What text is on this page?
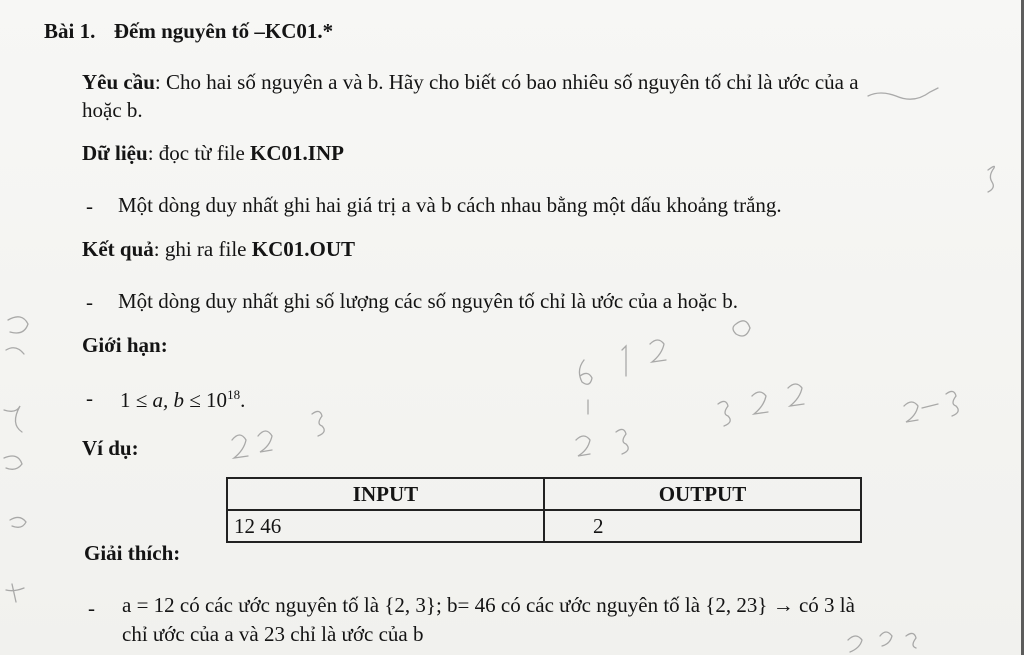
Bài 1. Đếm nguyên tố –KC01.*
Yêu cầu: Cho hai số nguyên a và b. Hãy cho biết có bao nhiêu số nguyên tố chỉ là ước của a
hoặc b.
Dữ liệu: đọc từ file KC01.INP
- Một dòng duy nhất ghi hai giá trị a và b cách nhau bằng một dấu khoảng trắng.
Kết quả: ghi ra file KC01.OUT
- Một dòng duy nhất ghi số lượng các số nguyên tố chỉ là ước của a hoặc b.
Giới hạn:
- 1 ≤ a, $b \le 10^{18}$.
Ví dụ:
INPUT	OUTPUT
12 46	2
Giải thích:
- a = 12 có các ước nguyên tố là {2, 3}; b= 46 có các ước nguyên tố là {2, 23} → có 3 là
chỉ ước của a và 23 chỉ là ước của b
